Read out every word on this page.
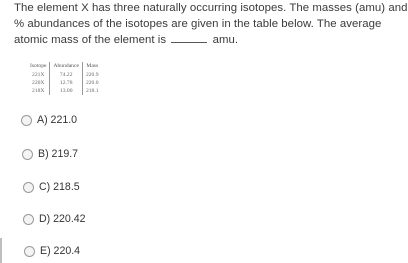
The element X has three naturally occurring isotopes. The masses (amu) and
% abundances of the isotopes are given in the table below. The average
atomic mass of the element is	amu.
Isotope	Abundance	Mass
221X	74.22	220.9
220X	12.78	220.0
218X	13.00	218.1
A)
221.0
B)
219.7
C)
218.5
D)
220.42
E)
220.4
